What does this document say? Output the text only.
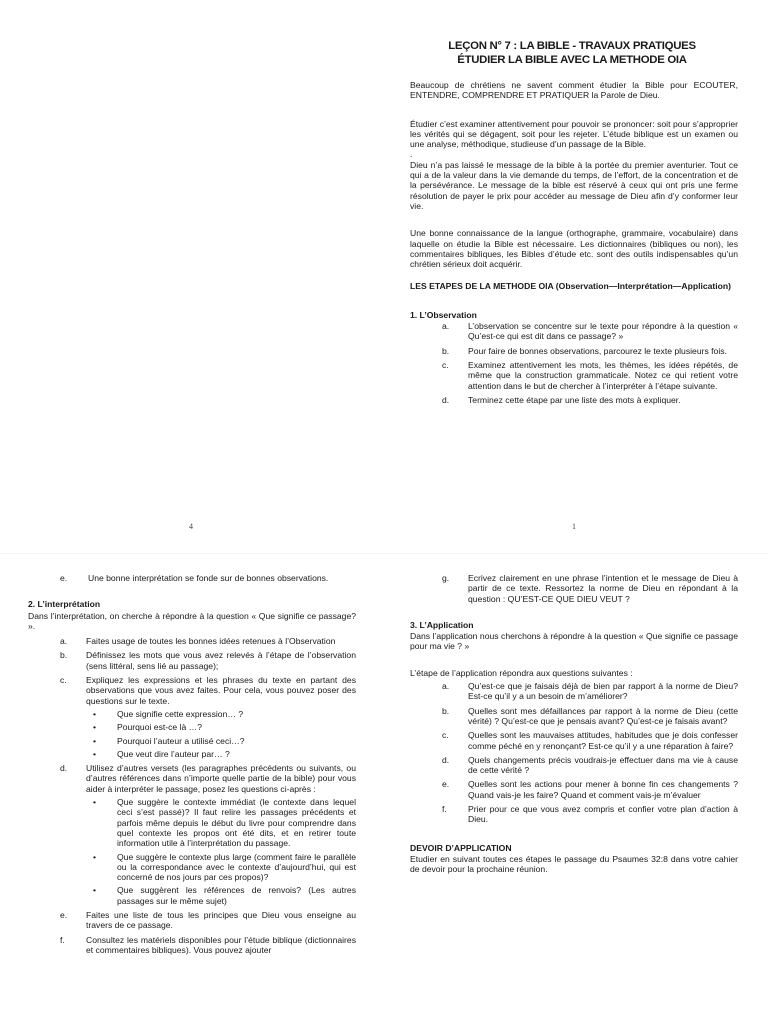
LEÇON N° 7 : LA BIBLE - TRAVAUX PRATIQUES
ÉTUDIER LA BIBLE AVEC LA METHODE OIA

Beaucoup de chrétiens ne savent comment étudier la Bible pour ECOUTER, ENTENDRE, COMPRENDRE ET PRATIQUER la Parole de Dieu.

Étudier c’est examiner attentivement pour pouvoir se prononcer: soit pour s’approprier les vérités qui se dégagent, soit pour les rejeter. L’étude biblique est un examen ou une analyse, méthodique, studieuse d’un passage de la Bible.

.

Dieu n’a pas laissé le message de la bible à la portée du premier aventurier. Tout ce qui a de la valeur dans la vie demande du temps, de l’effort, de la concentration et de la persévérance. Le message de la bible est réservé à ceux qui ont pris une ferme résolution de payer le prix pour accéder au message de Dieu afin d’y conformer leur vie.

Une bonne connaissance de la langue (orthographe, grammaire, vocabulaire) dans laquelle on étudie la Bible est nécessaire. Les dictionnaires (bibliques ou non), les commentaires bibliques, les Bibles d’étude etc. sont des outils indispensables qu’un chrétien sérieux doit acquérir.

LES ETAPES DE LA METHODE OIA (Observation—Interprétation—Application)

1. L’Observation

a. L’observation se concentre sur le texte pour répondre à la question « Qu’est-ce qui est dit dans ce passage? »
b. Pour faire de bonnes observations, parcourez le texte plusieurs fois.
c. Examinez attentivement les mots, les thèmes, les idées répétés, de même que la construction grammaticale. Notez ce qui retient votre attention dans le but de chercher à l’interpréter à l’étape suivante.
d. Terminez cette étape par une liste des mots à expliquer.
4	1
e. Une bonne interprétation se fonde sur de bonnes observations.

2. L’interprétation

Dans l’interprétation, on cherche à répondre à la question « Que signifie ce passage? ».

a. Faites usage de toutes les bonnes idées retenues à l’Observation
b. Définissez les mots que vous avez relevés à l’étape de l’observation (sens littéral, sens lié au passage);
c. Expliquez les expressions et les phrases du texte en partant des observations que vous avez faites. Pour cela, vous pouvez poser des questions sur le texte.
• Que signifie cette expression… ?
• Pourquoi est-ce là …?
• Pourquoi l’auteur a utilisé ceci…?
• Que veut dire l’auteur par… ?
d. Utilisez d’autres versets (les paragraphes précédents ou suivants, ou d’autres références dans n’importe quelle partie de la bible) pour vous aider à interpréter le passage, posez les questions ci-après :
• Que suggère le contexte immédiat (le contexte dans lequel ceci s’est passé)? Il faut relire les passages précédents et parfois même depuis le début du livre pour comprendre dans quel contexte les propos ont été dits, et en retirer toute information utile à l’interprétation du passage.
• Que suggère le contexte plus large (comment faire le parallèle ou la correspondance avec le contexte d’aujourd’hui, qui est concerné de nos jours par ces propos)?
• Que suggèrent les références de renvois? (Les autres passages sur le même sujet)
e. Faites une liste de tous les principes que Dieu vous enseigne au travers de ce passage.
f. Consultez les matériels disponibles pour l’étude biblique (dictionnaires et commentaires bibliques). Vous pouvez ajouter
g. Ecrivez clairement en une phrase l’intention et le message de Dieu à partir de ce texte. Ressortez la norme de Dieu en répondant à la question : QU’EST-CE QUE DIEU VEUT ?

3. L’Application

Dans l’application nous cherchons à répondre à la question « Que signifie ce passage pour ma vie ? »

L’étape de l’application répondra aux questions suivantes :

a. Qu’est-ce que je faisais déjà de bien par rapport à la norme de Dieu? Est-ce qu’il y a un besoin de m’améliorer?
b. Quelles sont mes défaillances par rapport à la norme de Dieu (cette vérité) ? Qu’est-ce que je pensais avant? Qu’est-ce je faisais avant?
c. Quelles sont les mauvaises attitudes, habitudes que je dois confesser comme péché en y renonçant? Est-ce qu’il y a une réparation à faire?
d. Quels changements précis voudrais-je effectuer dans ma vie à cause de cette vérité ?
e. Quelles sont les actions pour mener à bonne fin ces changements ? Quand vais-je les faire? Quand et comment vais-je m’évaluer
f. Prier pour ce que vous avez compris et confier votre plan d’action à Dieu.

DEVOIR D’APPLICATION

Etudier en suivant toutes ces étapes le passage du Psaumes 32:8 dans votre cahier de devoir pour la prochaine réunion.
